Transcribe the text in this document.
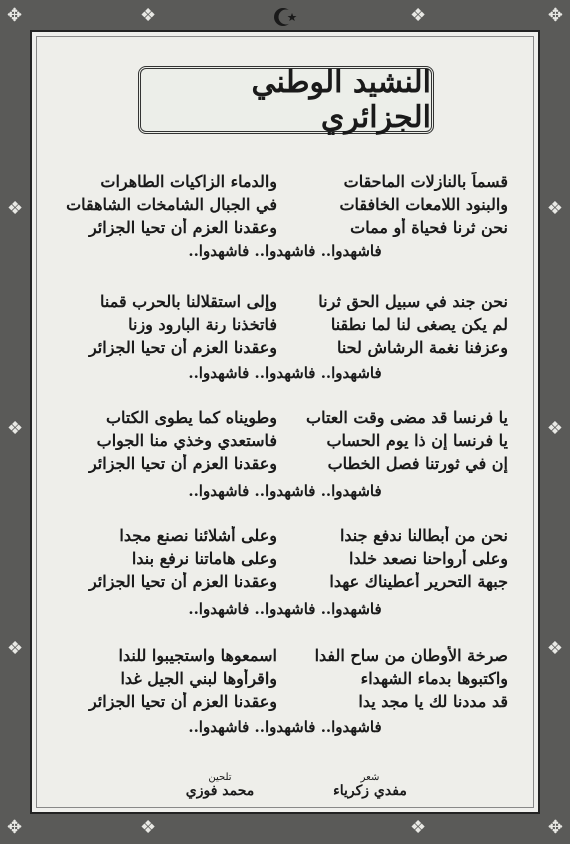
✥	✥
✥	✥
❖
❖
❖
❖
❖
❖
❖	❖
❖	❖
النشيد الوطني الجزائري
قسماً بالنازلات الماحقات
والدماء الزاكيات الطاهرات
والبنود اللامعات الخافقات
في الجبال الشامخات الشاهقات
نحن ثرنا فحياة أو ممات
وعقدنا العزم أن تحيا الجزائر
فاشهدوا.. فاشهدوا.. فاشهدوا..
نحن جند في سبيل الحق ثرنا
وإلى استقلالنا بالحرب قمنا
لم يكن يصغى لنا لما نطقنا
فاتخذنا رنة البارود وزنا
وعزفنا نغمة الرشاش لحنا
وعقدنا العزم أن تحيا الجزائر
فاشهدوا.. فاشهدوا.. فاشهدوا..
يا فرنسا قد مضى وقت العتاب
وطويناه كما يطوى الكتاب
يا فرنسا إن ذا يوم الحساب
فاستعدي وخذي منا الجواب
إن في ثورتنا فصل الخطاب
وعقدنا العزم أن تحيا الجزائر
فاشهدوا.. فاشهدوا.. فاشهدوا..
نحن من أبطالنا ندفع جندا
وعلى أشلائنا نصنع مجدا
وعلى أرواحنا نصعد خلدا
وعلى هاماتنا نرفع بندا
جبهة التحرير أعطيناك عهدا
وعقدنا العزم أن تحيا الجزائر
فاشهدوا.. فاشهدوا.. فاشهدوا..
صرخة الأوطان من ساح الفدا
اسمعوها واستجيبوا للندا
واكتبوها بدماء الشهداء
واقرأوها لبني الجيل غدا
قد مددنا لك يا مجد يدا
وعقدنا العزم أن تحيا الجزائر
فاشهدوا.. فاشهدوا.. فاشهدوا..
شعر
مفدي زكرياء
تلحين
محمد فوزي
